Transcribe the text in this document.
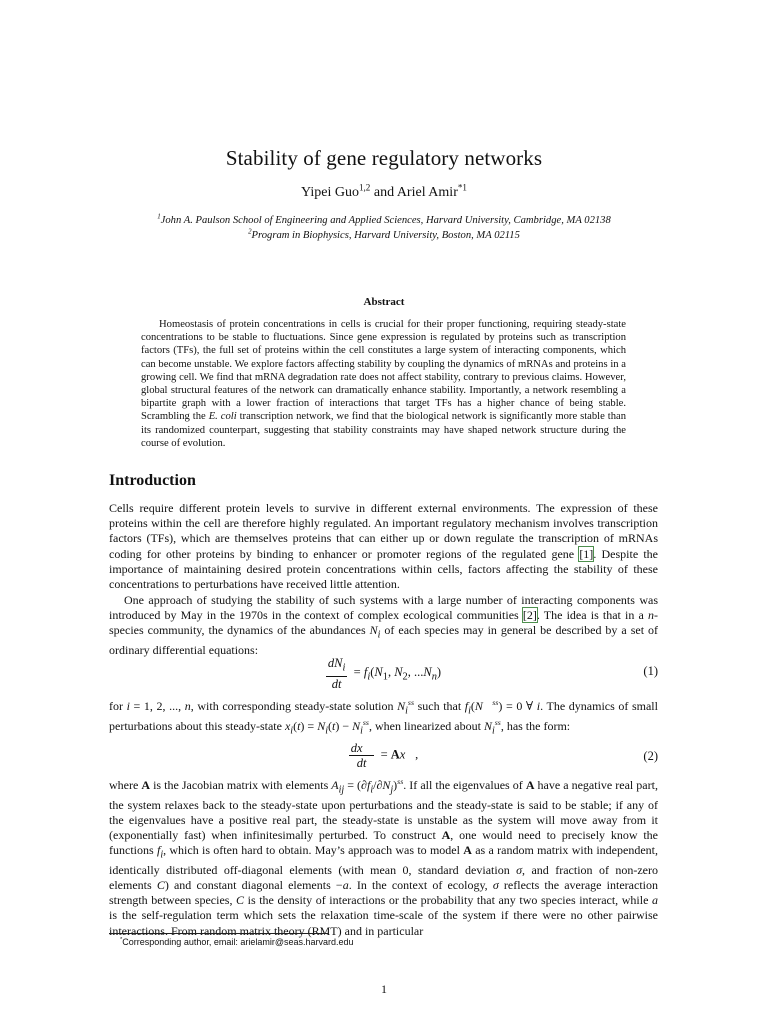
Stability of gene regulatory networks
Yipei Guo$^{1,2}$ and Ariel Amir$^{*1}$
$^1$John A. Paulson School of Engineering and Applied Sciences, Harvard University, Cambridge, MA 02138
$^2$Program in Biophysics, Harvard University, Boston, MA 02115
Abstract

Homeostasis of protein concentrations in cells is crucial for their proper functioning, requiring steady-state concentrations to be stable to fluctuations. Since gene expression is regulated by proteins such as transcription factors (TFs), the full set of proteins within the cell constitutes a large system of interacting components, which can become unstable. We explore factors affecting stability by coupling the dynamics of mRNAs and proteins in a growing cell. We find that mRNA degradation rate does not affect stability, contrary to previous claims. However, global structural features of the network can dramatically enhance stability. Importantly, a network resembling a bipartite graph with a lower fraction of interactions that target TFs has a higher chance of being stable. Scrambling the E. coli transcription network, we find that the biological network is significantly more stable than its randomized counterpart, suggesting that stability constraints may have shaped network structure during the course of evolution.

Introduction

Cells require different protein levels to survive in different external environments. The expression of these proteins within the cell are therefore highly regulated. An important regulatory mechanism involves transcription factors (TFs), which are themselves proteins that can either up or down regulate the transcription of mRNAs coding for other proteins by binding to enhancer or promoter regions of the regulated gene [1]. Despite the importance of maintaining desired protein concentrations within cells, factors affecting the stability of these concentrations to perturbations have received little attention.

One approach of studying the stability of such systems with a large number of interacting components was introduced by May in the 1970s in the context of complex ecological communities [2]. The idea is that in a n-species community, the dynamics of the abundances $N_i$ of each species may in general be described by a set of ordinary differential equations:

$\frac{dN_i}{dt} = f_i(N_1$, $N_2$, $...N_n$)	(1)

for i = 1, 2, ..., n, with corresponding steady-state solution $N_i^{ss}$ such that $f_i(N⃗^{ss}) = 0$ ∀ i. The dynamics of small perturbations about this steady-state $x_i(t) = N_i(t) - N_i^{ss}$, when linearized about $N_i^{ss}$, has the form:

$\frac{dx⃗}{dt}$ = Ax⃗,	(2)

where A is the Jacobian matrix with elements $A_{ij} = (\partial f_i/\partial N_j)^{ss}$. If all the eigenvalues of A have a negative real part, the system relaxes back to the steady-state upon perturbations and the steady-state is said to be stable; if any of the eigenvalues have a positive real part, the steady-state is unstable as the system will move away from it (exponentially fast) when infinitesimally perturbed. To construct A, one would need to precisely know the functions $f_i$, which is often hard to obtain. May’s approach was to model A as a random matrix with independent, identically distributed off-diagonal elements (with mean 0, standard deviation σ, and fraction of non-zero elements C) and constant diagonal elements −a. In the context of ecology, σ reflects the average interaction strength between species, C is the density of interactions or the probability that any two species interact, while a is the self-regulation term which sets the relaxation time-scale of the system if there were no other pairwise interactions. From random matrix theory (RMT) and in particular

*Corresponding author, email: arielamir@seas.harvard.edu
1
